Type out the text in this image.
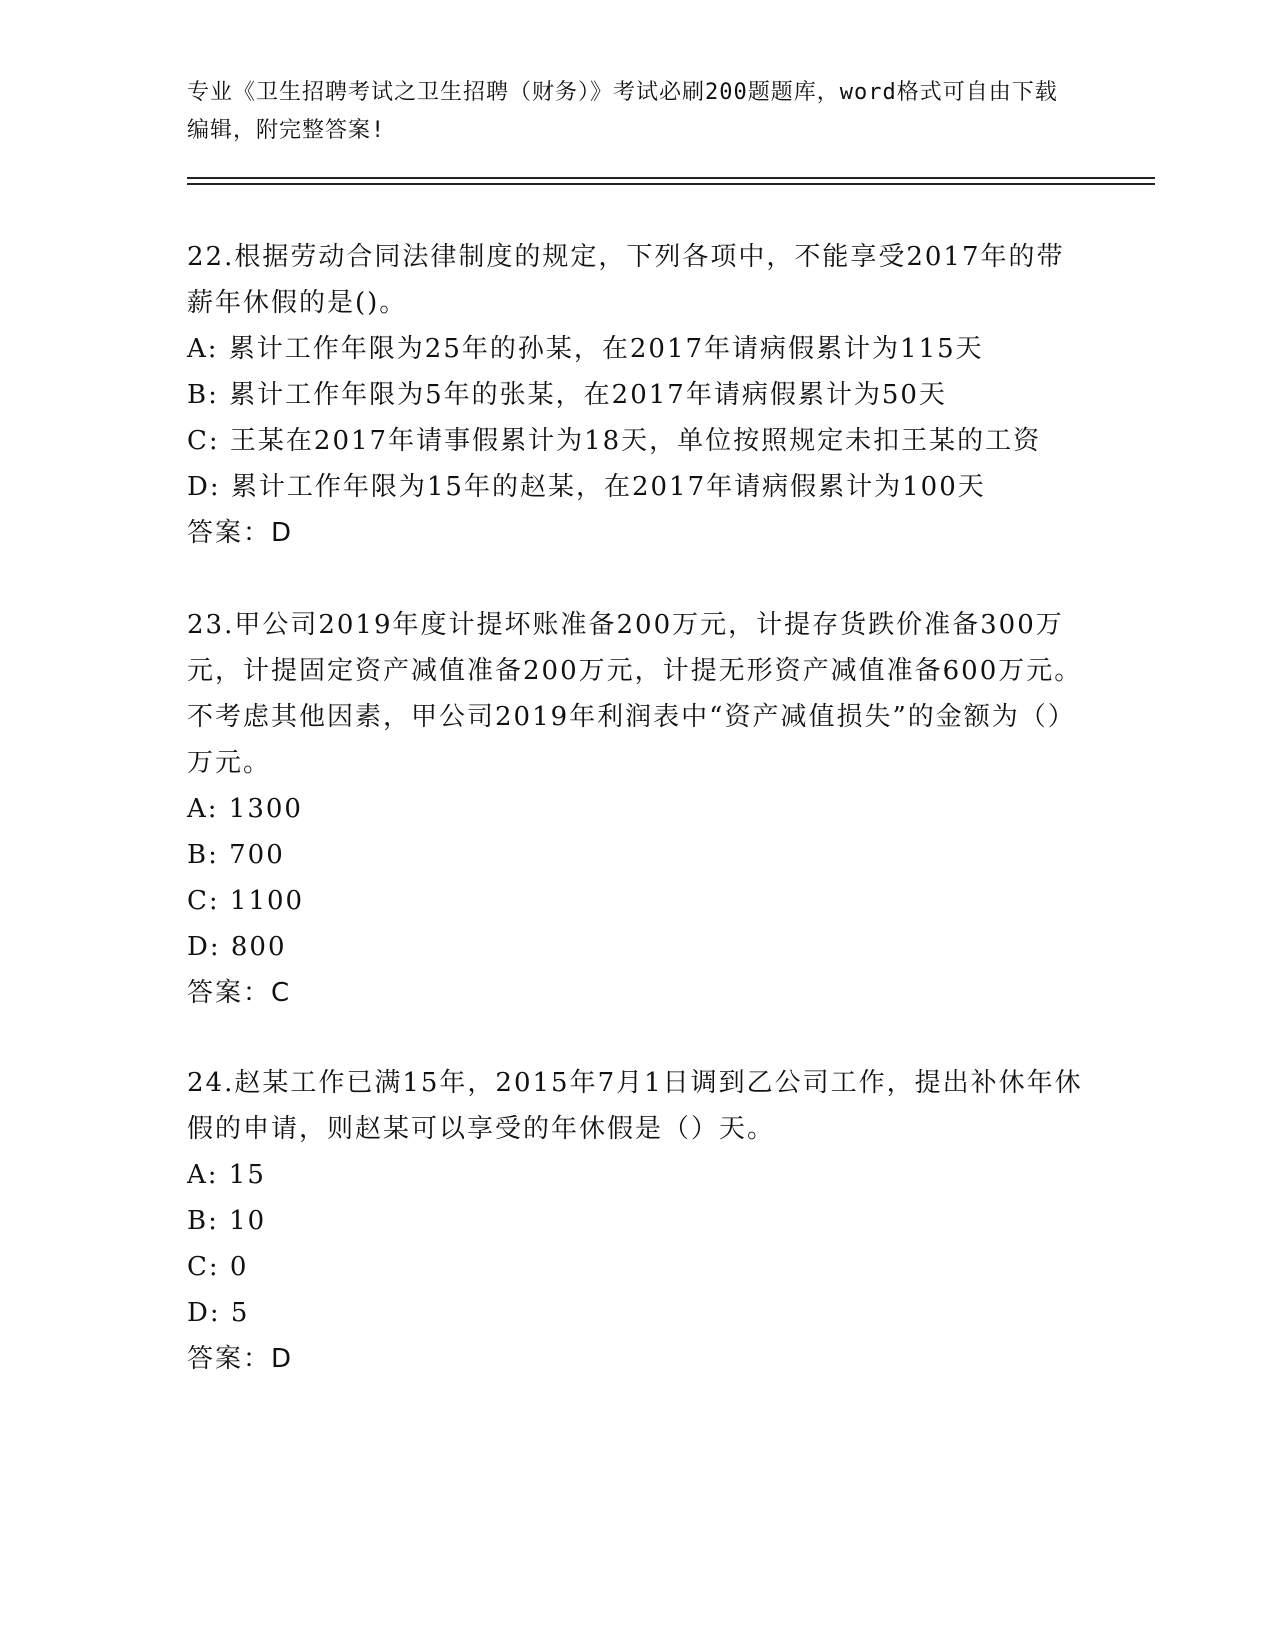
专业《卫生招聘考试之卫生招聘（财务）》考试必刷200题题库，word格式可自由下载编辑，附完整答案!

22.根据劳动合同法律制度的规定，下列各项中，不能享受2017年的带薪年休假的是()。

A: 累计工作年限为25年的孙某，在2017年请病假累计为115天

B: 累计工作年限为5年的张某，在2017年请病假累计为50天

C: 王某在2017年请事假累计为18天，单位按照规定未扣王某的工资

D: 累计工作年限为15年的赵某，在2017年请病假累计为100天

答案：D

23.甲公司2019年度计提坏账准备200万元，计提存货跌价准备300万元，计提固定资产减值准备200万元，计提无形资产减值准备600万元。不考虑其他因素，甲公司2019年利润表中“资产减值损失”的金额为（）万元。

A: 1300

B: 700

C: 1100

D: 800

答案：C

24.赵某工作已满15年，2015年7月1日调到乙公司工作，提出补休年休假的申请，则赵某可以享受的年休假是（）天。

A: 15

B: 10

C: 0

D: 5

答案：D
